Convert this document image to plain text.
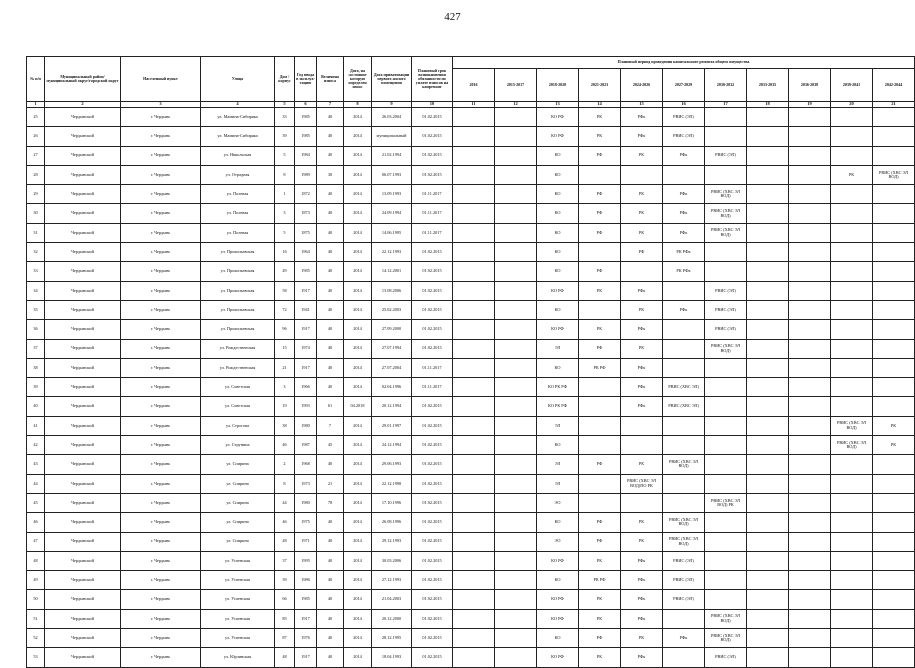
427
№ п/п	Муниципальный район/ муниципальный округ/городской округ	Населенный пункт	Улица	Дом / корпус	Год ввода в эксплуатацию	Величина износа	Дата, на состояние которую определен износ	Дата приватизации первого жилого помещения	Плановый срок возникновения обязанности по уплате взносов на капремонт	Плановый период проведения капитального ремонта общего имущества										
										2016	2015-2017	2018-2020	2021-2023	2024-2026	2027-2029	2030-2032	2033-2035	2036-2038	2039-2041	2042-2044
1	2	3	4	5	6	7	8	9	10	11	12	13	14	15	16	17	18	19	20	21
25	Чердынский	г. Чердынь	ул. Мамина-Сибиряка	33	1985	40	2014	26.03.2004	01.02.2015			КО РФ	РК	РФк	РВИС (ЭЛ)					
26	Чердынский	г. Чердынь	ул. Мамина-Сибиряка	39	1985	40	2014	муниципальный	01.02.2015			КО РФ	РК	РФк	РВИС (ЭЛ)					
27	Чердынский	г. Чердынь	ул. Никольская	5	1984	40	2014	21.02.1994	01.02.2015			КО	РФ	РК	РФк	РВИС (ЭЛ)				
28	Чердынский	г. Чердынь	ул. Отрадная	8	1989	30	2014	06.07.1993	01.02.2015			КО							РК	РВИС (ХВС ЭЛ ВОД)
29	Чердынский	г. Чердынь	ул. Полевая	1	1872	40	2014	13.09.1993	01.11.2017			КО	РФ	РК	РФк	РВИС (ХВС ЭЛ ВОД)				
30	Чердынский	г. Чердынь	ул. Полевая	3	1873	40	2014	24.09.1994	01.11.2017			КО	РФ	РК	РФк	РВИС (ХВС ЭЛ ВОД)				
31	Чердынский	г. Чердынь	ул. Полевая	5	1875	40	2014	14.06.1995	01.11.2017			КО	РФ	РК	РФк	РВИС (ХВС ЭЛ ВОД)				
32	Чердынский	г. Чердынь	ул. Прокопьевская	16	1964	40	2014	22.12.1993	01.02.2015			КО		РФ	РК РФк					
33	Чердынский	г. Чердынь	ул. Прокопьевская	49	1985	40	2014	14.12.2001	01.02.2015			КО	РФ		РК РФк					
34	Чердынский	г. Чердынь	ул. Прокопьевская	58	1917	40	2014	13.08.2006	01.02.2015			КО РФ	РК	РФк		РВИС (ЭЛ)				
35	Чердынский	г. Чердынь	ул. Прокопьевская	72	1941	40	2014	25.02.2003	01.02.2015			КО		РК	РФк	РВИС (ЭЛ)				
36	Чердынский	г. Чердынь	ул. Прокопьевская	96	1917	40	2014	27.09.2000	01.02.2015			КО РФ	РК	РФк		РВИС (ЭЛ)				
37	Чердынский	г. Чердынь	ул. Рождественская	15	1974	40	2014	27.07.1994	01.02.2015			ЭЛ	РФ	РК		РВИС (ХВС ЭЛ ВОД)				
38	Чердынский	г. Чердынь	ул. Рождественская	21	1917	40	2014	27.07.2004	01.11.2017			КО	РК РФ	РФк						
39	Чердынский	г. Чердынь	ул. Советская	3	1966	40	2014	02.04.1996	01.11.2017			КО РК РФ		РФк	РВИС (ХВС ЭЛ)					
40	Чердынский	г. Чердынь	ул. Советская	19	1993	61	04.2018	20.12.1994	01.02.2015			КО РК РФ		РФк	РВИС (ХВС ЭЛ)					
41	Чердынский	г. Чердынь	ул. Строгова	38	1980	7	2014	29.01.1997	01.02.2015			ЭЛ							РВИС (ХВС ЭЛ ВОД)	РК
42	Чердынский	г. Чердынь	ул. Струнина	46	1987	45	2014	24.12.1994	01.02.2015			КО							РВИС (ХВС ЭЛ ВОД)	РК
43	Чердынский	г. Чердынь	ул. Спирина	2	1968	40	2014	29.06.1993	01.02.2015			ЭЛ	РФ	РК	РВИС (ХВС ЭЛ ВОД)					
44	Чердынский	г. Чердынь	ул. Спирина	8	1973	21	2014	22.12.1998	01.02.2015			ЭЛ		РВИС (ХВС ЭЛ ВОД)ПО РК						
45	Чердынский	г. Чердынь	ул. Спирина	44	1980	78	2014	17.10.1996	01.02.2015			ЭО				РВИС (ХВС ЭЛ ВОД) РК				
46	Чердынский	г. Чердынь	ул. Спирина	46	1975	40	2014	26.08.1996	01.02.2015			КО	РФ	РК	РВИС (ХВС ЭЛ ВОД)					
47	Чердынский	г. Чердынь	ул. Спирина	48	1971	40	2014	29.12.1993	01.02.2015			ЭО	РФ	РК	РВИС (ХВС ЭЛ ВОД)					
48	Чердынский	г. Чердынь	ул. Успенская	37	1995	40	2014	30.03.2006	01.02.2015			КО РФ	РК	РФк	РВИС (ЭЛ)					
49	Чердынский	г. Чердынь	ул. Успенская	39	1986	40	2014	27.12.1993	01.02.2015			КО	РК РФ	РФк	РВИС (ЭЛ)					
50	Чердынский	г. Чердынь	ул. Успенская	66	1985	40	2014	21.04.2003	01.02.2015			КО РФ	РК	РФк	РВИС (ЭЛ)					
51	Чердынский	г. Чердынь	ул. Успенская	85	1917	40	2014	20.12.2000	01.02.2015			КО РФ	РК	РФк		РВИС (ХВС ЭЛ ВОД)				
52	Чердынский	г. Чердынь	ул. Успенская	87	1976	40	2014	28.12.1995	01.02.2015			КО	РФ	РК	РФк	РВИС (ХВС ЭЛ ВОД)				
53	Чердынский	г. Чердынь	ул. Юрлинская	48	1917	40	2014	18.04.1993	01.02.2015			КО РФ	РК	РФк		РВИС (ЭЛ)				
